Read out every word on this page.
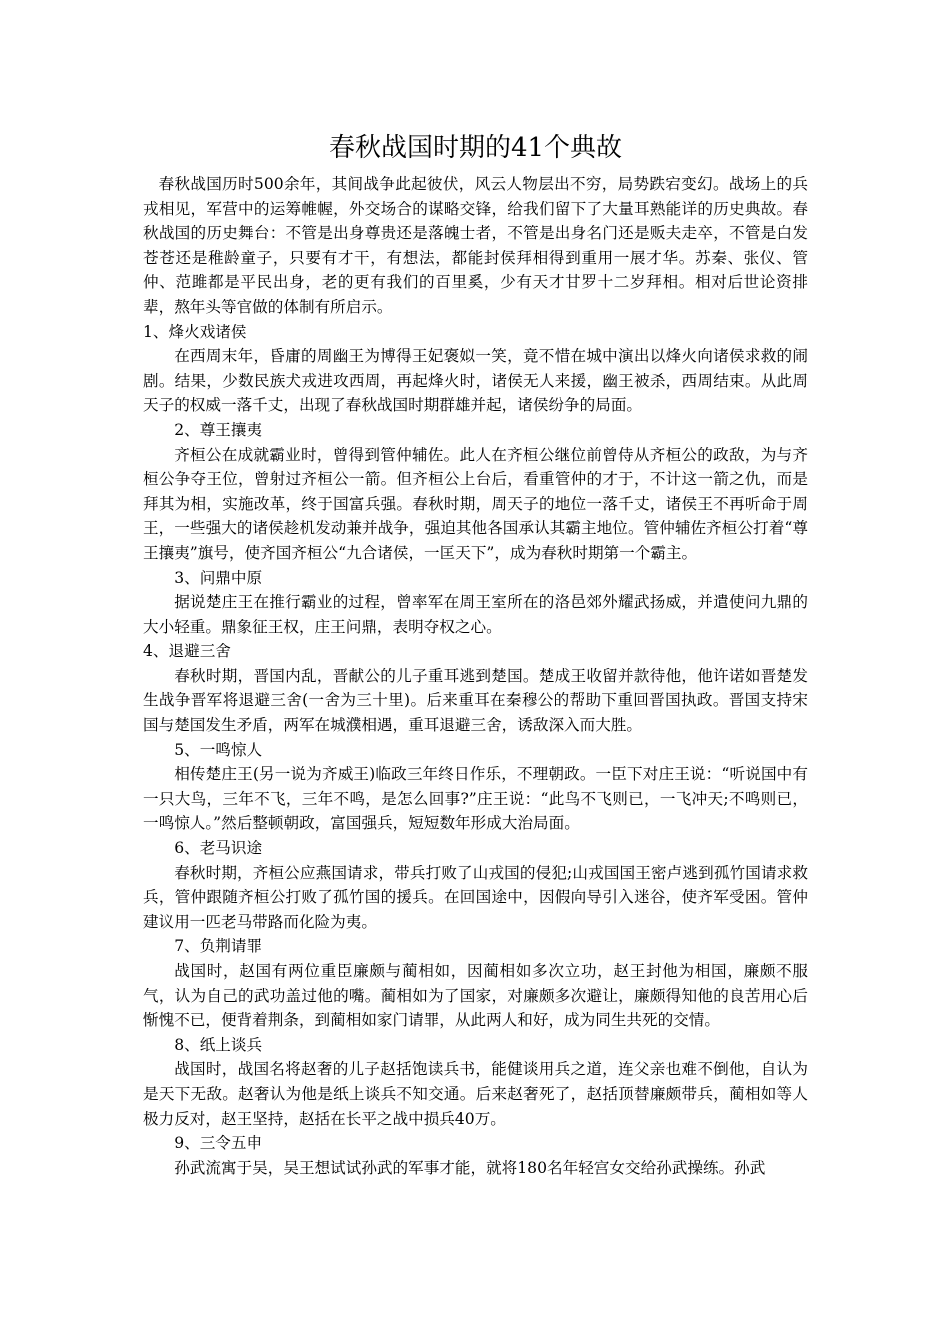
春秋战国时期的41个典故

春秋战国历时500余年，其间战争此起彼伏，风云人物层出不穷，局势跌宕变幻。战场上的兵戎相见，军营中的运筹帷幄，外交场合的谋略交锋，给我们留下了大量耳熟能详的历史典故。春秋战国的历史舞台：不管是出身尊贵还是落魄士者，不管是出身名门还是贩夫走卒，不管是白发苍苍还是稚龄童子，只要有才干，有想法，都能封侯拜相得到重用一展才华。苏秦、张仪、管仲、范雎都是平民出身，老的更有我们的百里奚，少有天才甘罗十二岁拜相。相对后世论资排辈，熬年头等官做的体制有所启示。

1、烽火戏诸侯

在西周末年，昏庸的周幽王为博得王妃褒姒一笑，竟不惜在城中演出以烽火向诸侯求救的闹剧。结果，少数民族犬戎进攻西周，再起烽火时，诸侯无人来援，幽王被杀，西周结束。从此周天子的权威一落千丈，出现了春秋战国时期群雄并起，诸侯纷争的局面。

2、尊王攘夷

齐桓公在成就霸业时，曾得到管仲辅佐。此人在齐桓公继位前曾侍从齐桓公的政敌，为与齐桓公争夺王位，曾射过齐桓公一箭。但齐桓公上台后，看重管仲的才于，不计这一箭之仇，而是拜其为相，实施改革，终于国富兵强。春秋时期，周天子的地位一落千丈，诸侯王不再听命于周王，一些强大的诸侯趁机发动兼并战争，强迫其他各国承认其霸主地位。管仲辅佐齐桓公打着“尊王攘夷”旗号，使齐国齐桓公“九合诸侯，一匡天下”，成为春秋时期第一个霸主。

3、问鼎中原

据说楚庄王在推行霸业的过程，曾率军在周王室所在的洛邑郊外耀武扬威，并遣使问九鼎的大小轻重。鼎象征王权，庄王问鼎，表明夺权之心。

4、退避三舍

春秋时期，晋国内乱，晋献公的儿子重耳逃到楚国。楚成王收留并款待他，他许诺如晋楚发生战争晋军将退避三舍(一舍为三十里)。后来重耳在秦穆公的帮助下重回晋国执政。晋国支持宋国与楚国发生矛盾，两军在城濮相遇，重耳退避三舍，诱敌深入而大胜。

5、一鸣惊人

相传楚庄王(另一说为齐威王)临政三年终日作乐，不理朝政。一臣下对庄王说：“听说国中有一只大鸟，三年不飞，三年不鸣，是怎么回事?”庄王说：“此鸟不飞则已，一飞冲天;不鸣则已，一鸣惊人。”然后整顿朝政，富国强兵，短短数年形成大治局面。

6、老马识途

春秋时期，齐桓公应燕国请求，带兵打败了山戎国的侵犯;山戎国国王密卢逃到孤竹国请求救兵，管仲跟随齐桓公打败了孤竹国的援兵。在回国途中，因假向导引入迷谷，使齐军受困。管仲建议用一匹老马带路而化险为夷。

7、负荆请罪

战国时，赵国有两位重臣廉颇与蔺相如，因蔺相如多次立功，赵王封他为相国，廉颇不服气，认为自己的武功盖过他的嘴。蔺相如为了国家，对廉颇多次避让，廉颇得知他的良苦用心后惭愧不已，便背着荆条，到蔺相如家门请罪，从此两人和好，成为同生共死的交情。

8、纸上谈兵

战国时，战国名将赵奢的儿子赵括饱读兵书，能健谈用兵之道，连父亲也难不倒他，自认为是天下无敌。赵奢认为他是纸上谈兵不知交通。后来赵奢死了，赵括顶替廉颇带兵，蔺相如等人极力反对，赵王坚持，赵括在长平之战中损兵40万。

9、三令五申

孙武流寓于吴，吴王想试试孙武的军事才能，就将180名年轻宫女交给孙武操练。孙武
